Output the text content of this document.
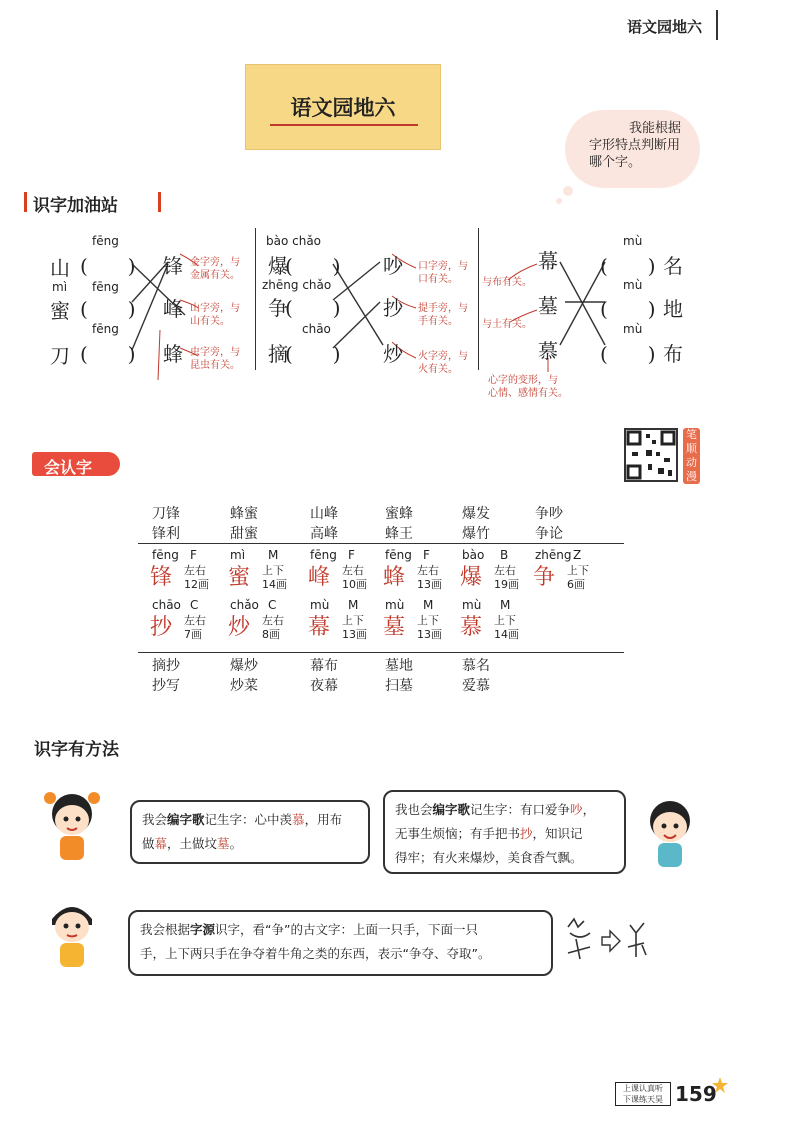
语文园地六
语文园地六
我能根据
字形特点判断用
哪个字。
识字加油站
fēng
山 (　　)
mì fēng
蜜 (　　)
fēng
刀 (　　)
锋
峰
蜂
金字旁，与
金属有关。
山字旁，与
山有关。
虫字旁，与
昆虫有关。
bào chǎo
爆
(　　)
zhēng chǎo
争
(　　)
chāo
摘
(　　)
吵
抄
炒
口字旁，与
口有关。
提手旁，与
手有关。
火字旁，与
火有关。
幕
墓
慕
与布有关。
与土有关。
心字的变形，与
心情、感情有关。
mù
(　　) 名
mù
(　　) 地
mù
(　　) 布
会认字
笔顺动漫
刀锋
锋利
蜂蜜
甜蜜
山峰
高峰
蜜蜂
蜂王
爆发
爆竹
争吵
争论
fēng F
锋 左右
12画
mì M
蜜 上下
14画
fēng F
峰 左右
10画
fēng F
蜂 左右
13画
bào B
爆 左右
19画
zhēng Z
争 上下
6画
chāo C
抄 左右
7画
chǎo C
炒 左右
8画
mù M
幕 上下
13画
mù M
墓 上下
13画
mù M
慕 上下
14画
摘抄
抄写
爆炒
炒菜
幕布
夜幕
墓地
扫墓
慕名
爱慕
识字有方法
我会编字歌记生字：心中羡慕，用布
做幕，土做坟墓。
我也会编字歌记生字：有口爱争吵，
无事生烦恼；有手把书抄，知识记
得牢；有火来爆炒，美食香气飘。
我会根据字源识字，看“争”的古文字：上面一只手，下面一只
手，上下两只手在争夺着牛角之类的东西，表示“争夺、夺取”。
上课认真听
下课练天昊 159
